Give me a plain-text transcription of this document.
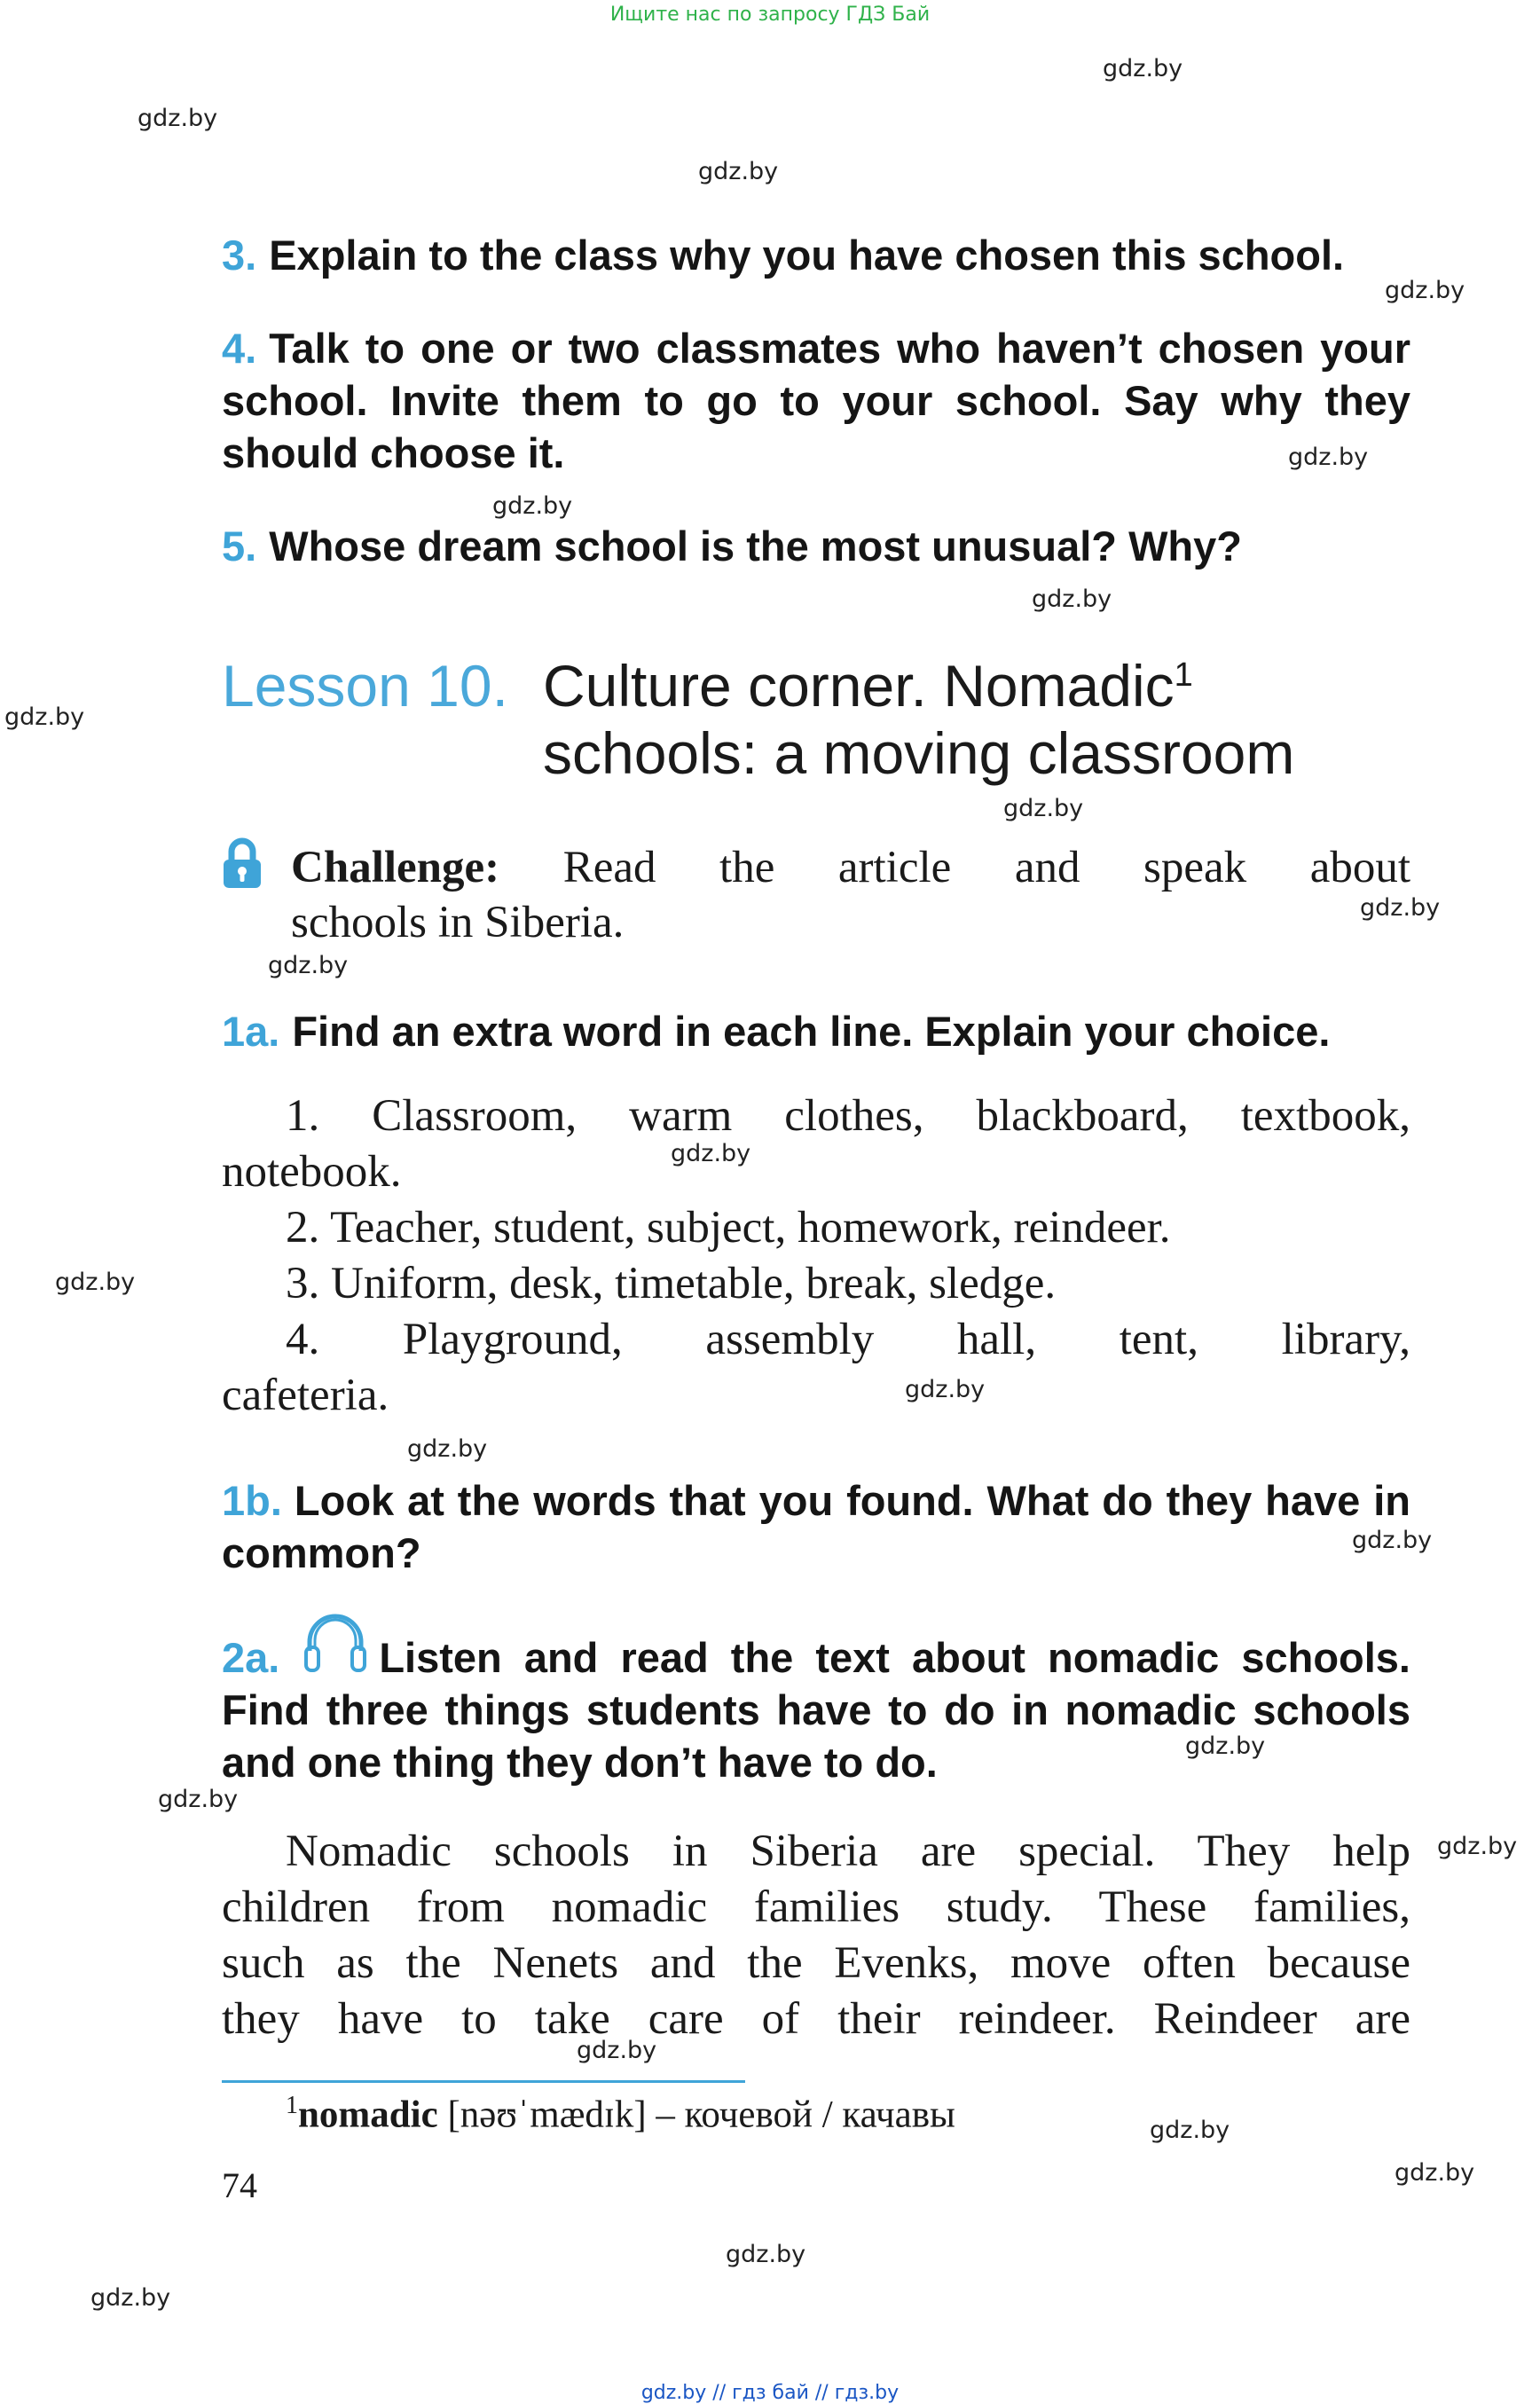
Ищите нас по запросу ГДЗ Бай
gdz.by
gdz.by
gdz.by
gdz.by
gdz.by
gdz.by
gdz.by
gdz.by
gdz.by
gdz.by
gdz.by
gdz.by
gdz.by
gdz.by
gdz.by
gdz.by
gdz.by
gdz.by
gdz.by
gdz.by
gdz.by
gdz.by
gdz.by
gdz.by
3. Explain to the class why you have chosen this school.
4. Talk to one or two classmates who haven’t chosen your school. Invite them to go to your school. Say why they should choose it.
5. Whose dream school is the most unusual? Why?
Lesson 10. Culture corner. Nomadic$^1$
schools: a moving classroom
Challenge: Read the article and speak about
schools in Siberia.
1a. Find an extra word in each line. Explain your choice.
1. Classroom, warm clothes, blackboard, textbook,
notebook.
2. Teacher, student, subject, homework, reindeer.
3. Uniform, desk, timetable, break, sledge.
4. Playground, assembly hall, tent, library,
cafeteria.
1b. Look at the words that you found. What do they have in common?
2a. Listen and read the text about nomadic schools.
Find three things students have to do in nomadic schools and one thing they don’t have to do.
Nomadic schools in Siberia are special. They help
children from nomadic families study. These families,
such as the Nenets and the Evenks, move often because
they have to take care of their reindeer. Reindeer are
$^1$nomadic [nəʊˈmædɪk] – кочевой / качавы
74
gdz.by // гдз бай // гдз.by
